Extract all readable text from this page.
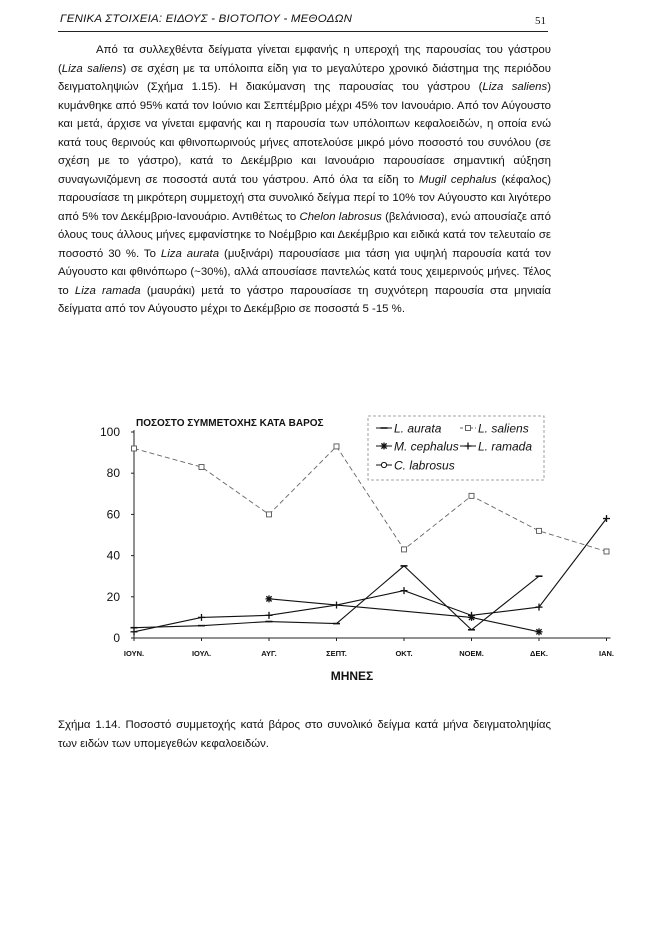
ΓΕΝΙΚΑ ΣΤΟΙΧΕΙΑ: ΕΙΔΟΥΣ - ΒΙΟΤΟΠΟΥ - ΜΕΘΟΔΩΝ	51

Από τα συλλεχθέντα δείγματα γίνεται εμφανής η υπεροχή της παρουσίας του γάστρου (Liza saliens) σε σχέση με τα υπόλοιπα είδη για το μεγαλύτερο χρονικό διάστημα της περιόδου δειγματοληψιών (Σχήμα 1.15). Η διακύμανση της παρουσίας του γάστρου (Liza saliens) κυμάνθηκε από 95% κατά τον Ιούνιο και Σεπτέμβριο μέχρι 45% τον Ιανουάριο. Από τον Αύγουστο και μετά, άρχισε να γίνεται εμφανής και η παρουσία των υπόλοιπων κεφαλοειδών, η οποία ενώ κατά τους θερινούς και φθινοπωρινούς μήνες αποτελούσε μικρό μόνο ποσοστό του συνόλου (σε σχέση με το γάστρο), κατά το Δεκέμβριο και Ιανουάριο παρουσίασε σημαντική αύξηση συναγωνιζόμενη σε ποσοστά αυτά του γάστρου. Από όλα τα είδη το Mugil cephalus (κέφαλος) παρουσίασε τη μικρότερη συμμετοχή στα συνολικό δείγμα περί το 10% τον Αύγουστο και λιγότερο από 5% τον Δεκέμβριο-Ιανουάριο. Αντιθέτως το Chelon labrosus (βελάνιοσα), ενώ απουσίαζε από όλους τους άλλους μήνες εμφανίστηκε το Νοέμβριο και Δεκέμβριο και ειδικά κατά τον τελευταίο σε ποσοστό 30 %. Το Liza aurata (μυξινάρι) παρουσίασε μια τάση για υψηλή παρουσία κατά τον Αύγουστο και φθινόπωρο (~30%), αλλά απουσίασε παντελώς κατά τους χειμερινούς μήνες. Τέλος το Liza ramada (μαυράκι) μετά το γάστρο παρουσίασε τη συχνότερη παρουσία στα μηνιαία δείγματα από τον Αύγουστο μέχρι το Δεκέμβριο σε ποσοστά 5 -15 %.

ΠΟΣΟΣΤΟ ΣΥΜΜΕΤΟΧΗΣ ΚΑΤΑ ΒΑΡΟΣ
0
20
40
60
80
100
ΙΟΥΝ.	ΙΟΥΛ.	ΑΥΓ.	ΣΕΠΤ.	ΟΚΤ.	ΝΟΕΜ.	ΔΕΚ.	ΙΑΝ.
ΜΗΝΕΣ
L. aurata	L. saliens
M. cephalus L. ramada
C. labrosus

Σχήμα 1.14. Ποσοστό συμμετοχής κατά βάρος στο συνολικό δείγμα κατά μήνα δειγματοληψίας των ειδών των υπομεγεθών κεφαλοειδών.
